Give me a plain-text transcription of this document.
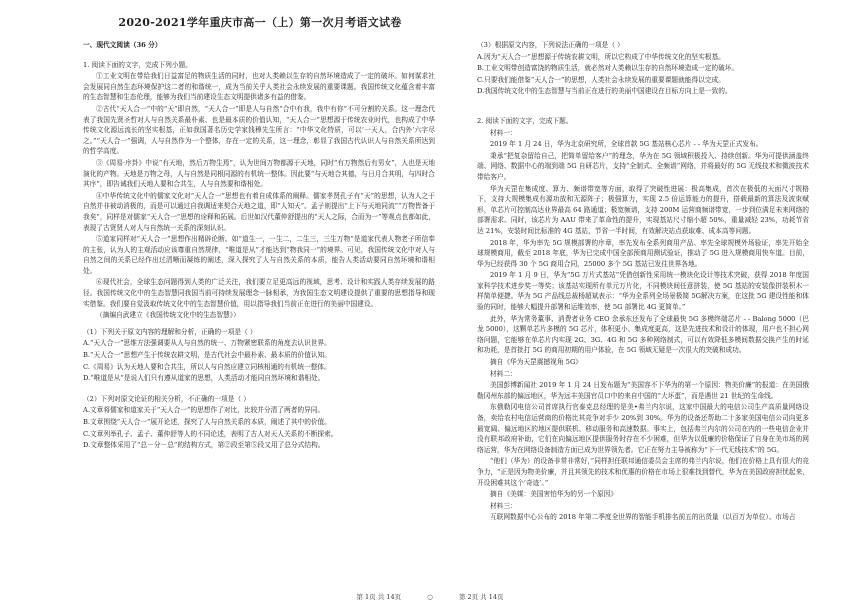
2020-2021学年重庆市高一（上）第一次月考语文试卷
一、现代文阅读（36 分）

1. 阅读下面的文字，完成下列小题。

①工业文明在带给我们日益富足的物质生活的同时，也对人类赖以生存的自然环境造成了一定的破坏。如何谋求社会发展同自然生态环境保护这二者的和谐统一，成为当前关乎人类社会永续发展的重要课题。我国传统文化蕴含着丰富的生态智慧和生态伦理，能够为我们当前建设生态文明提供诸多有益的借鉴。

②古代“天人合一”中的“天”即自然，“天人合一”即是人与自然“合中有我，我中有你”不可分割的关系。这一理念代表了我国先贤圣哲对人与自然关系最朴素、也是最本质的价值认知，“天人合一”思想源于传统农业时代，也构成了中华传统文化源远流长的坚实根基，正如我国著名历史学家钱穆先生所言：“中华文化特质，可以‘一天人，合内外’六字尽之。”“天人合一”强调，人与自然作为一个整体，存在一定的关系，这一理念，彰显了我国古代认识人与自然关系所达到的哲学高度。

③《周易·序卦》中说“有天地，然后万物生焉”，认为世间万物都源于天地，同时“有万物然后有男女”，人也是天地演化的产物。天地是万物之母，人与自然是同根同源的有机统一整体。因此要“与天地合其德，与日月合其明，与四时合其序”，即告诫我们天地人要和合共生，人与自然要和谐相处。

④中华传统文化中的儒家文化对“天人合一”思想也有着自成体系的阐释。儒家孝贤孔子有“天”的思想，认为人之于自然并非被动消极的，而是可以通过自我调适来契合天地之道，即“人知天”。孟子则提出“上下与天地同流”“万物皆备于我矣”，同样是对儒家“天人合一”思想的诠释和拓展。后世如汉代董仲舒提出的“天人之际，合而为一”等观点也都如此，表现了古贤贤人对人与自然统一关系的深刻认识。

⑤道家同样对“天人合一”思想作出精辟论断。如“道生一，一生二，二生三，三生万物”是道家代表人物老子所信奉的主张，认为人的主观活动应该尊重自然规律，“唯道是从”才能达到“物我同一”的境界。可见，我国传统文化中对人与自然之间的关系已经作出过清晰而凝练的阐述，深入探究了人与自然关系的本质，能告人类活动要同自然环境和谐相处。

⑥现代社会，全球生态问题得到人类的广泛关注，我们要立足更高远的视域，思考、设计和实践人类存续发展的路径。我国传统文化中的生态智慧同我国当前可持续发展理念一脉相承，为我国生态文明建设提供了重要的思想指导和现实借鉴。我们要自觉汲取传统文化中的生态智慧价值，用以指导我们当前正在进行的美丽中国建设。

（摘编自武建立《我国传统文化中的生态智慧》）

（1）下列关于原文内容的理解和分析，正确的一项是（ ）

A.“天人合一”思维方法强调要从人与自然的统一、万物紧密联系的角度去认识世界。

B.“天人合一”思想产生于传统农耕文明，是古代社会中最朴素、最本质的价值认知。

C.《周易》认为天地人要和合共生，所以人与自然应建立同核相通的有机统一整体。

D.“唯道是从”是说人们只有遵从道家的思想，人类活动才能同自然环境和谐相处。

（2）下列对原文论证的相关分析，不正确的一项是（ ）

A.文章将儒家和道家关于“天人合一”的思想作了对比，比较并分清了两者的异同。

B.文章围绕“天人合一”展开论述，探究了人与自然关系的本质，阐述了其中的价值。

C.文章列举孔子、孟子、董仲舒等人的不同论述，表明了古人对天人关系的不断探索。

D.文章整体采用了“总－分－总”的结构方式，第②段至第⑤段又用了总分式结构。

（3）根据原文内容，下列说法正确的一项是（ ）

A.因为“天人合一”思想源于传统农耕文明，所以它构成了中华传统文化的坚实根基。

B.工业文明带创造富饶的物质生活，就必然对人类赖以生存的自然环境造成一定的破坏。

C.只要我们能借鉴“天人合一”的思想，人类社会永续发展的重要课题就能得以完成。

D.我国传统文化中的生态智慧与当前正在进行的美丽中国建设在目标方向上是一致的。

2. 阅读下面的文字，完成下题。

材料一：

2019 年 1 月 24 日，华为北京研究所，全球首款 5G 基站核心芯片 - - 华为天罡正式发布。

秉承“把复杂留给自己，把简单留给客户”的理念，华为在 5G 领域积极投入、持续创新。华为可提供涵盖终端、网络、数据中心的端到端 5G 自研芯片，支持“全制式、全频谱”网络，并将最好的 5G 无线技术和微波技术带给客户。

华为天罡在集成度、算力、频谱带宽等方面，取得了突破性进展：极高集成，首次在极低的天面尺寸规格下，支持大规模集成有源功放和无源阵子；极强算力，实现 2.5 倍运算能力的提升，搭载最新的算法及波束赋形，单芯片可控制高达业界最高 64 路通道；极宽频谱，支持 200M 运营商频谱带宽，一步到位满足未来网络的部署需求。同时，该芯片为 AAU 带来了革命性的提升，实现基站尺寸缩小超 50%，重量减轻 23%，功耗节省达 21%，安装时间比标准的 4G 基站，节省一半时间，有效解决站点获取难、成本高等问题。

2018 年，华为率先 5G 规模部署的序章，率先发布全系列商用产品、率先全球规模外场验证，率先开始全球规模商用，截至 2018 年底，华为已完成中国全部预商用测试验证，推动了 5G 进入规模商用快车道。目前，华为已经获得 30 个 5G 商用合同，25000 多个 5G 基站已发往世界各地。

2019 年 1 月 9 日，华为“5G 万片式基站”凭借创新性采用统一模块化设计等技术突破，获得 2018 年度国家科学技术进步奖一等奖；该基站实现所有单元万片化，不同模块间任意拼装，使 5G 基站的安装像拼装积木一样简单便捷。华为 5G 产品线总裁杨超斌表示：“华为全系列全场景极简 5G解决方案，在这批 5G 建设性能和体验的同时，能够大幅提升部署和运维效率，使 5G 部署比 4G 更简单。”

此外，华为常务董事、消费者业务 CEO 余承东还发布了全球最快 5G 多模终端芯片 - - Balong 5000（巴龙 5000），这颗单芯片多模的 5G 芯片，体积更小、集成度更高，这是先进技术和设计的体现，用户也不担心网络问题，它能够在单芯片内实现 2G、3G、4G 和 5G 多种网络制式，可以有效降低多模间数据交换产生的时延和功耗，是首批打 5G 的商用初期的用户体验，在 5G 领域无疑是一次很大的突破和成功。

摘自《华为天罡震撼视角 5G》

材料二：

美国彭博新闻社 2019 年 1 月 24 日发布题为“美国容不下华为的第一个原因：物美价廉”的报道：在美国俄勒冈州东部的偏远地区，华为远丰美国官员口中的来自中国的“大坏蛋”，而是遇世 21 世纪的生命线。

东俄勒冈电信公司首席执行官泰克总经理的是美•弗兰内尔说，这家中国最大的电信公司生产高质量网络设备，卖给农村电信运营商的价格比其竞争对手少 20%到 30%。华为的设备还帮助二十多家美国电信公司向更多最宽阔、偏远地区的地区提供联机、移动服务和高速数据。事实上，包括弗兰内尔的公司在内的一些电信企业并没有联邦政府补助，它们在向偏远地区提供服务时存在不少困难，但华为以低廉的价格保证了自身在美市场的网络运营，华为在网络设备制造方面已成为世界领先者。它正在努力主导被称为“下一代无线技术”的 5G。

“他们（华为）的设备非常非常好，”同样担任联邦通信委员会主席的弗兰内尔说，他们在价格上具有很大的竞争力，“正是因为物美价廉，并且其领先的技术和优惠的价格在市场上很难找到替代，华为在美国政府担忧起来，开设困难其这个‘奇迹’。”

摘自《美媒：美国害怕华为的另一个原因》

材料三：

互联网数据中心公布的 2018 年第二季度全世界的智能手机排名前五的出货量（以百万为单位）、市场占

第 1页 共 14页	○	第 2页 共 14页
